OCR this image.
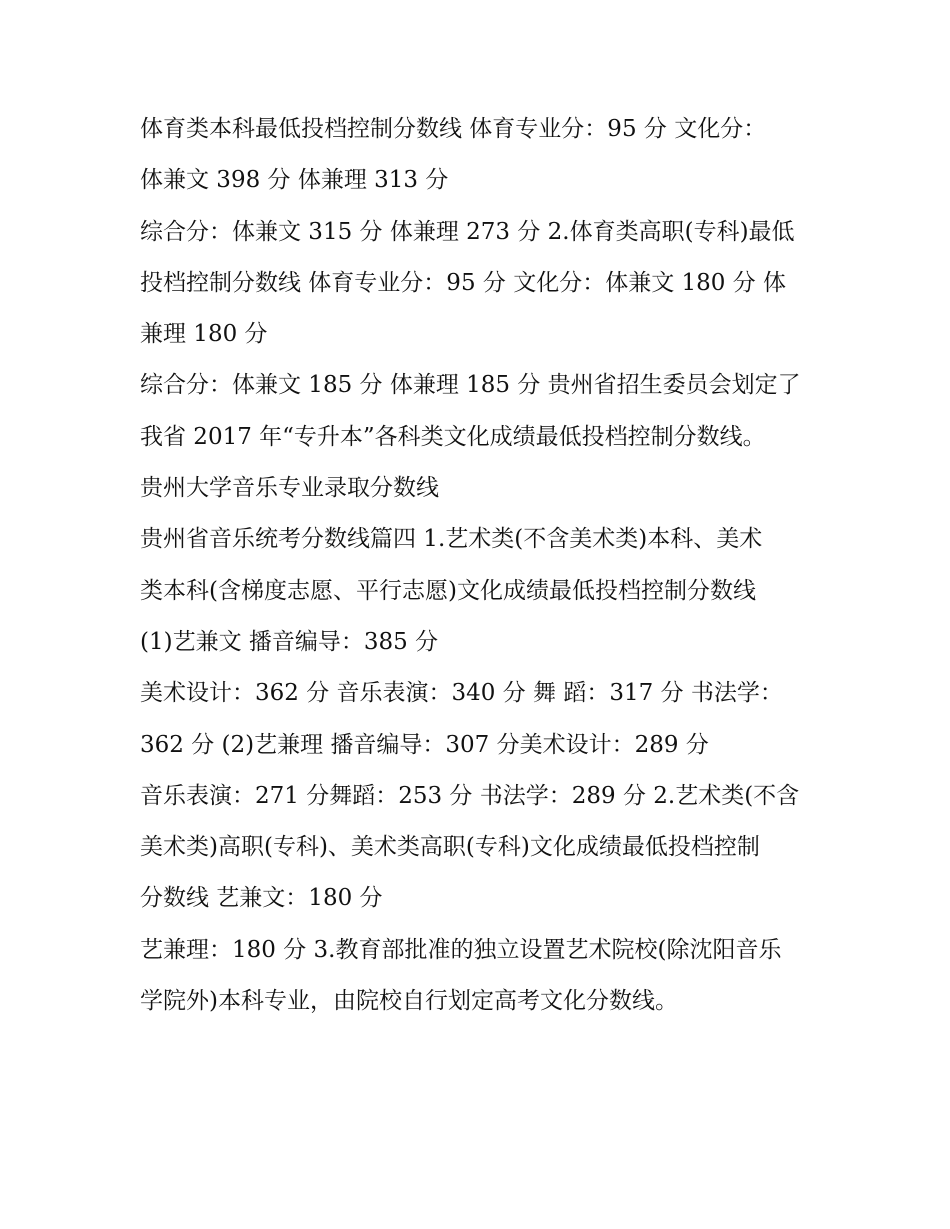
体育类本科最低投档控制分数线 体育专业分：95 分 文化分：
体兼文 398 分 体兼理 313 分
综合分：体兼文 315 分 体兼理 273 分 2.体育类高职(专科)最低
投档控制分数线 体育专业分：95 分 文化分：体兼文 180 分 体
兼理 180 分
综合分：体兼文 185 分 体兼理 185 分 贵州省招生委员会划定了
我省 2017 年“专升本”各科类文化成绩最低投档控制分数线。
贵州大学音乐专业录取分数线
贵州省音乐统考分数线篇四 1.艺术类(不含美术类)本科、美术
类本科(含梯度志愿、平行志愿)文化成绩最低投档控制分数线
(1)艺兼文 播音编导：385 分
美术设计：362 分 音乐表演：340 分 舞 蹈：317 分 书法学：
362 分 (2)艺兼理 播音编导：307 分美术设计：289 分
音乐表演：271 分舞蹈：253 分 书法学：289 分 2.艺术类(不含
美术类)高职(专科)、美术类高职(专科)文化成绩最低投档控制
分数线 艺兼文：180 分
艺兼理：180 分 3.教育部批准的独立设置艺术院校(除沈阳音乐
学院外)本科专业，由院校自行划定高考文化分数线。
